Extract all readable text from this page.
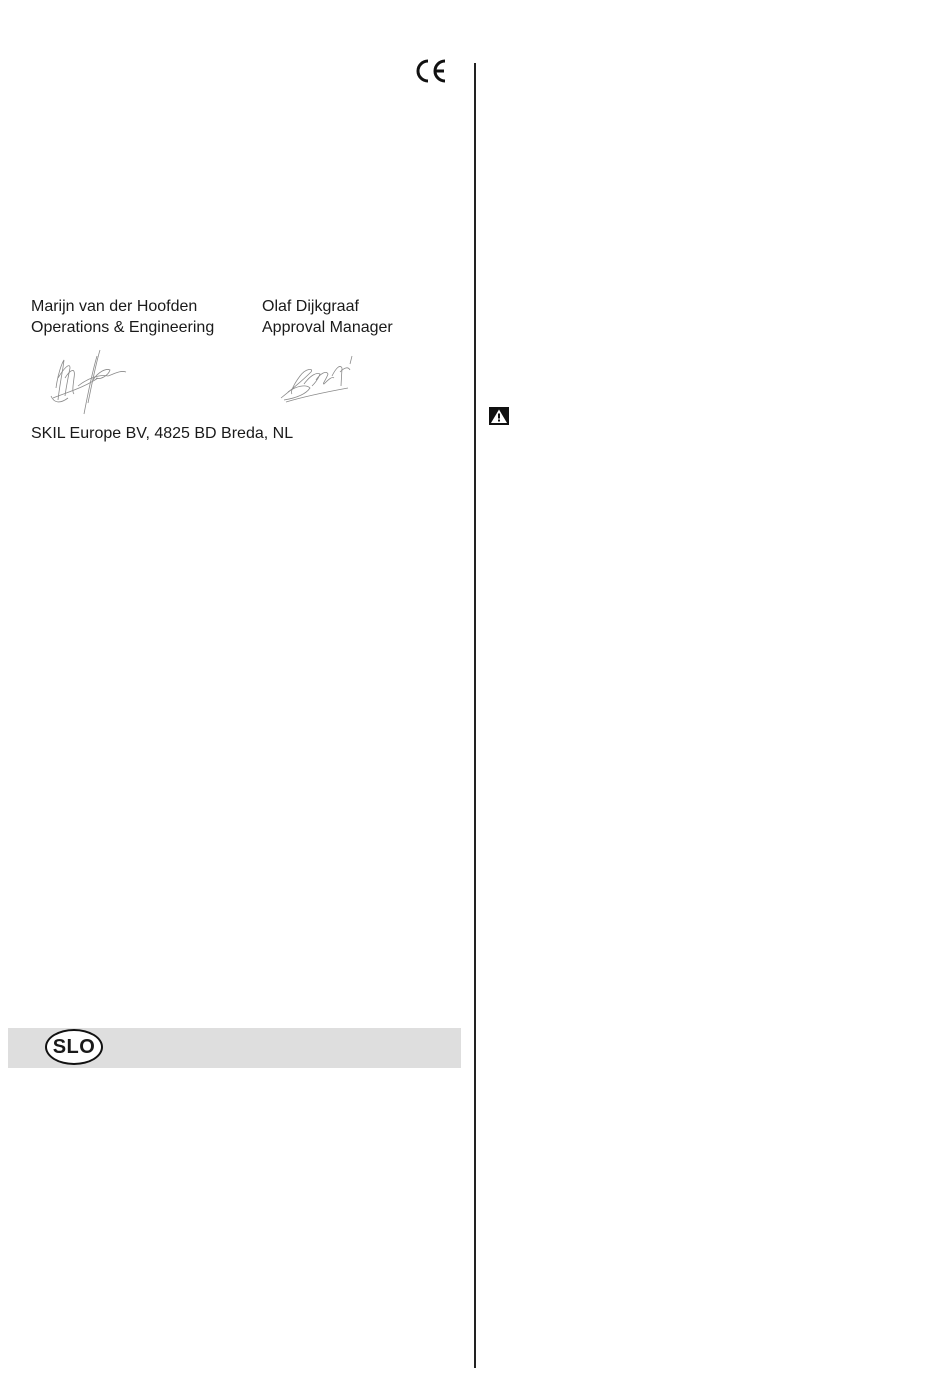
Marijn van der Hoofden
Operations & Engineering
Olaf Dijkgraaf
Approval Manager
SKIL Europe BV, 4825 BD Breda, NL
SLO
